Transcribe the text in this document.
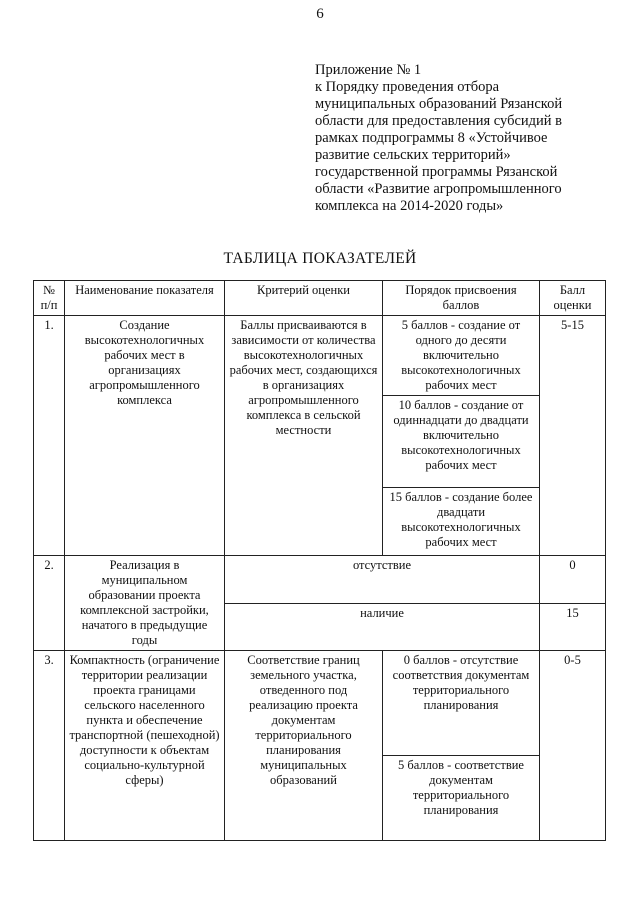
6
Приложение № 1
к Порядку проведения отбора
муниципальных образований Рязанской
области для предоставления субсидий в
рамках подпрограммы 8 «Устойчивое
развитие сельских территорий»
государственной программы Рязанской
области «Развитие агропромышленного
комплекса на 2014-2020 годы»
ТАБЛИЦА ПОКАЗАТЕЛЕЙ
№ п/п	Наименование показателя	Критерий оценки	Порядок присвоения баллов	Балл оценки
1.	Создание высокотехнологичных рабочих мест в организациях агропромышленного комплекса	Баллы присваиваются в зависимости от количества высокотехнологичных рабочих мест, создающихся в организациях агропромышленного комплекса в сельской местности	5 баллов - создание от одного до десяти включительно высокотехнологичных рабочих мест	5-15
			10 баллов - создание от одиннадцати до двадцати включительно высокотехнологичных рабочих мест	
			15 баллов - создание более двадцати высокотехнологичных рабочих мест	
2.	Реализация в муниципальном образовании проекта комплексной застройки, начатого в предыдущие годы	отсутствие		0
		наличие		15
3.	Компактность (ограничение территории реализации проекта границами сельского населенного пункта и обеспечение транспортной (пешеходной) доступности к объектам социально-культурной сферы)	Соответствие границ земельного участка, отведенного под реализацию проекта документам территориального планирования муниципальных образований	0 баллов - отсутствие соответствия документам территориального планирования	0-5
			5 баллов - соответствие документам территориального планирования	
